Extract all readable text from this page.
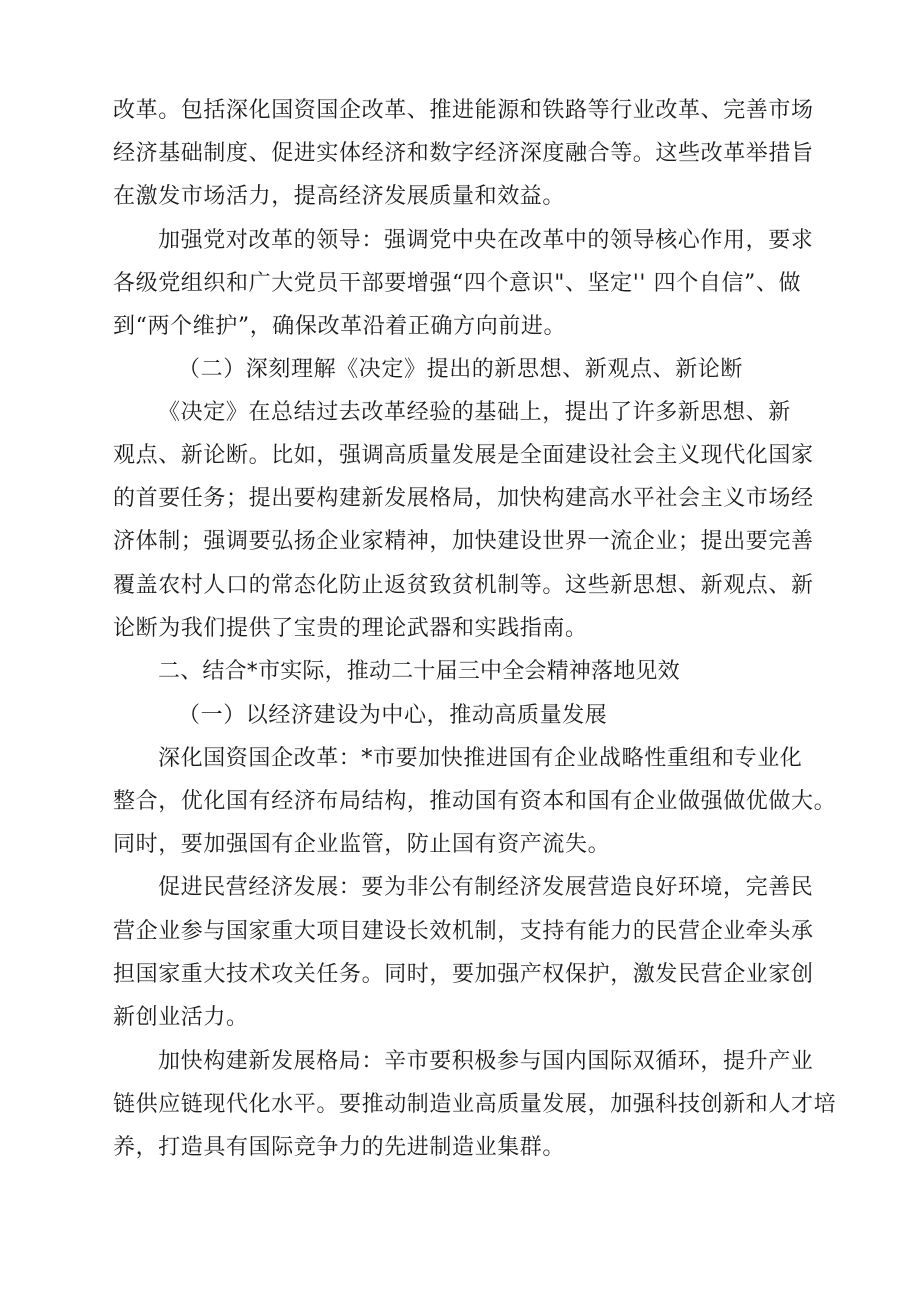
改革。包括深化国资国企改革、推进能源和铁路等行业改革、完善市场
经济基础制度、促进实体经济和数字经济深度融合等。这些改革举措旨
在激发市场活力，提高经济发展质量和效益。
加强党对改革的领导：强调党中央在改革中的领导核心作用，要求
各级党组织和广大党员干部要增强“四个意识"、坚定'' 四个自信”、做
到“两个维护”，确保改革沿着正确方向前进。
（二）深刻理解《决定》提出的新思想、新观点、新论断
《决定》在总结过去改革经验的基础上，提出了许多新思想、新
观点、新论断。比如，强调高质量发展是全面建设社会主义现代化国家
的首要任务；提出要构建新发展格局，加快构建高水平社会主义市场经
济体制；强调要弘扬企业家精神，加快建设世界一流企业；提出要完善
覆盖农村人口的常态化防止返贫致贫机制等。这些新思想、新观点、新
论断为我们提供了宝贵的理论武器和实践指南。
二、结合*市实际，推动二十届三中全会精神落地见效
（一）以经济建设为中心，推动高质量发展
深化国资国企改革：*市要加快推进国有企业战略性重组和专业化
整合，优化国有经济布局结构，推动国有资本和国有企业做强做优做大。
同时，要加强国有企业监管，防止国有资产流失。
促进民营经济发展：要为非公有制经济发展营造良好环境，完善民
营企业参与国家重大项目建设长效机制，支持有能力的民营企业牵头承
担国家重大技术攻关任务。同时，要加强产权保护，激发民营企业家创
新创业活力。
加快构建新发展格局：辛市要积极参与国内国际双循环，提升产业
链供应链现代化水平。要推动制造业高质量发展，加强科技创新和人才培
养，打造具有国际竞争力的先进制造业集群。
